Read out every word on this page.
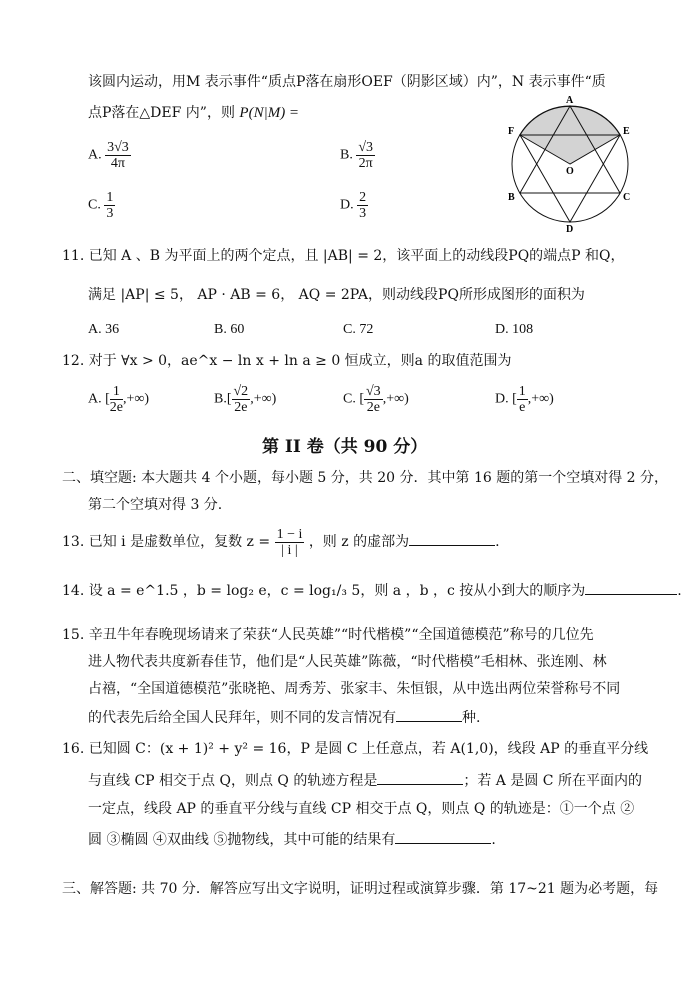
该圆内运动，用M 表示事件“质点P落在扇形OEF（阴影区域）内”，N 表示事件“质
点P落在△DEF 内”，则 P(N|M) =
A
E
F
O
B	C
D
A. $\frac{3√3}{4\pi}$	B. $\frac{√3}{2\pi}$
C. $\frac{1}{3}$	D. $\frac{2}{3}$
11. 已知 A 、B 为平面上的两个定点，且 |AB| = 2，该平面上的动线段PQ的端点P 和Q，
满足 |AP| ≤ 5， AP · AB = 6， AQ = 2PA，则动线段PQ所形成图形的面积为
A. 36	B. 60	C. 72	D. 108
12. 对于 ∀x > 0，ae^x − ln x + ln a ≥ 0 恒成立，则a 的取值范围为
A. [ $\frac{1}{2e}$ ,+∞)	$B.[ \frac{√2}{2e}$ ,+∞)	C. [ $\frac{√3}{2e}$ ,+∞)	D. [ $\frac{1}{e}$ ,+∞)
第 II 卷（共 90 分）
二、填空题: 本大题共 4 个小题，每小题 5 分，共 20 分．其中第 16 题的第一个空填对得 2 分，
第二个空填对得 3 分.
13. 已知 i 是虚数单位，复数 $z = \frac{1 - i}{| i |}$ ，则 z 的虚部为	.
14. 设 a = e^1.5 ，b = log₂ e，c = log₁/₃ 5，则 a ，b ，c 按从小到大的顺序为	.
15. 辛丑牛年春晚现场请来了荣获“人民英雄”“时代楷模”“全国道德模范”称号的几位先
进人物代表共度新春佳节，他们是“人民英雄”陈薇，“时代楷模”毛相林、张连刚、林
占禧，“全国道德模范”张晓艳、周秀芳、张家丰、朱恒银，从中选出两位荣誉称号不同
的代表先后给全国人民拜年，则不同的发言情况有	种.
16. 已知圆 C：(x + 1)² + y² = 16，P 是圆 C 上任意点，若 A(1,0)，线段 AP 的垂直平分线
与直线 CP 相交于点 Q，则点 Q 的轨迹方程是	；若 A 是圆 C 所在平面内的
一定点，线段 AP 的垂直平分线与直线 CP 相交于点 Q，则点 Q 的轨迹是：①一个点 ②
圆 ③椭圆 ④双曲线 ⑤抛物线，其中可能的结果有	.
三、解答题: 共 70 分．解答应写出文字说明，证明过程或演算步骤．第 17~21 题为必考题，每
